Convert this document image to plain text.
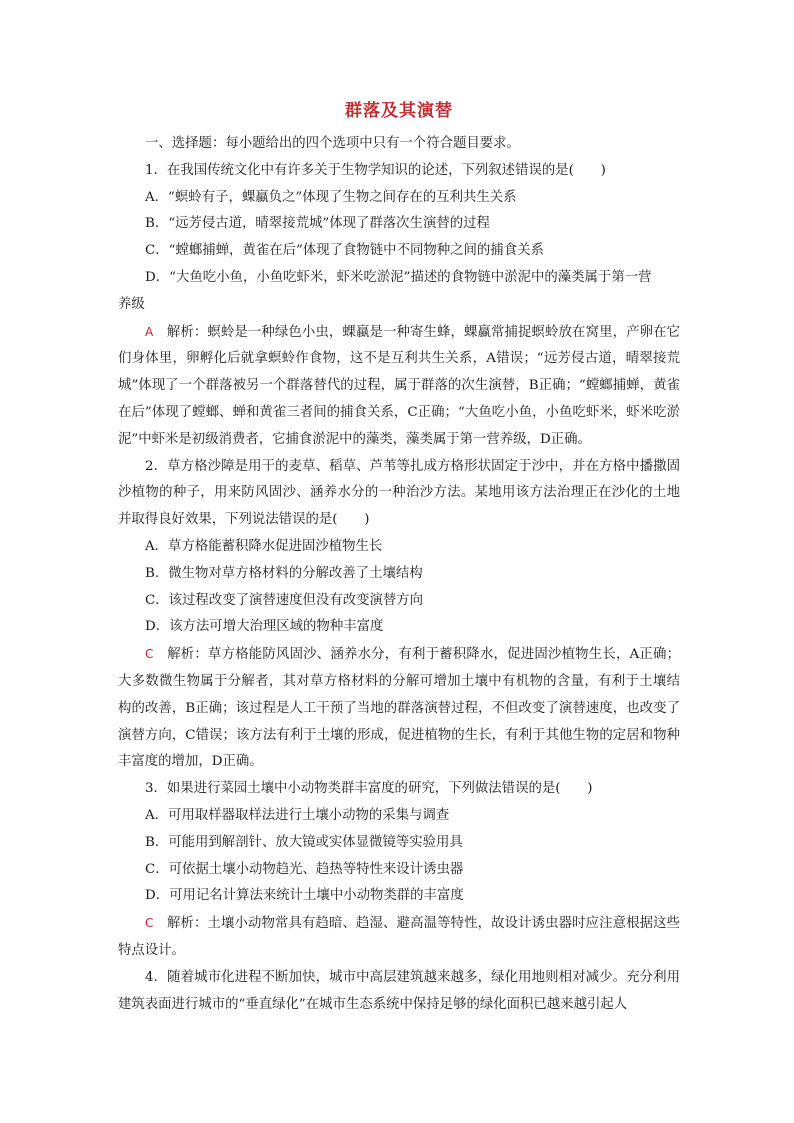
群落及其演替

一、选择题：每小题给出的四个选项中只有一个符合题目要求。

1．在我国传统文化中有许多关于生物学知识的论述，下列叙述错误的是(　　)

A．“螟蛉有子，蜾蠃负之”体现了生物之间存在的互利共生关系

B．“远芳侵古道，晴翠接荒城”体现了群落次生演替的过程

C．“螳螂捕蝉，黄雀在后”体现了食物链中不同物种之间的捕食关系

D．“大鱼吃小鱼，小鱼吃虾米，虾米吃淤泥”描述的食物链中淤泥中的藻类属于第一营

养级

A　 解析：螟蛉是一种绿色小虫，蜾蠃是一种寄生蜂，蜾蠃常捕捉螟蛉放在窝里，产卵在它们身体里，卵孵化后就拿螟蛉作食物，这不是互利共生关系，A错误；“远芳侵古道，晴翠接荒城”体现了一个群落被另一个群落替代的过程，属于群落的次生演替，B正确；“螳螂捕蝉，黄雀在后”体现了螳螂、蝉和黄雀三者间的捕食关系，C正确；“大鱼吃小鱼，小鱼吃虾米，虾米吃淤泥”中虾米是初级消费者，它捕食淤泥中的藻类，藻类属于第一营养级，D正确。

2．草方格沙障是用干的麦草、稻草、芦苇等扎成方格形状固定于沙中，并在方格中播撒固沙植物的种子，用来防风固沙、涵养水分的一种治沙方法。某地用该方法治理正在沙化的土地并取得良好效果，下列说法错误的是(　　)

A．草方格能蓄积降水促进固沙植物生长

B．微生物对草方格材料的分解改善了土壤结构

C．该过程改变了演替速度但没有改变演替方向

D．该方法可增大治理区域的物种丰富度

C　 解析：草方格能防风固沙、涵养水分，有利于蓄积降水，促进固沙植物生长，A正确；大多数微生物属于分解者，其对草方格材料的分解可增加土壤中有机物的含量，有利于土壤结构的改善，B正确；该过程是人工干预了当地的群落演替过程，不但改变了演替速度，也改变了演替方向，C错误；该方法有利于土壤的形成，促进植物的生长，有利于其他生物的定居和物种丰富度的增加，D正确。

3．如果进行菜园土壤中小动物类群丰富度的研究，下列做法错误的是(　　)

A．可用取样器取样法进行土壤小动物的采集与调查

B．可能用到解剖针、放大镜或实体显微镜等实验用具

C．可依据土壤小动物趋光、趋热等特性来设计诱虫器

D．可用记名计算法来统计土壤中小动物类群的丰富度

C　 解析：土壤小动物常具有趋暗、趋湿、避高温等特性，故设计诱虫器时应注意根据这些特点设计。

4．随着城市化进程不断加快，城市中高层建筑越来越多，绿化用地则相对减少。充分利用建筑表面进行城市的“垂直绿化”在城市生态系统中保持足够的绿化面积已越来越引起人
